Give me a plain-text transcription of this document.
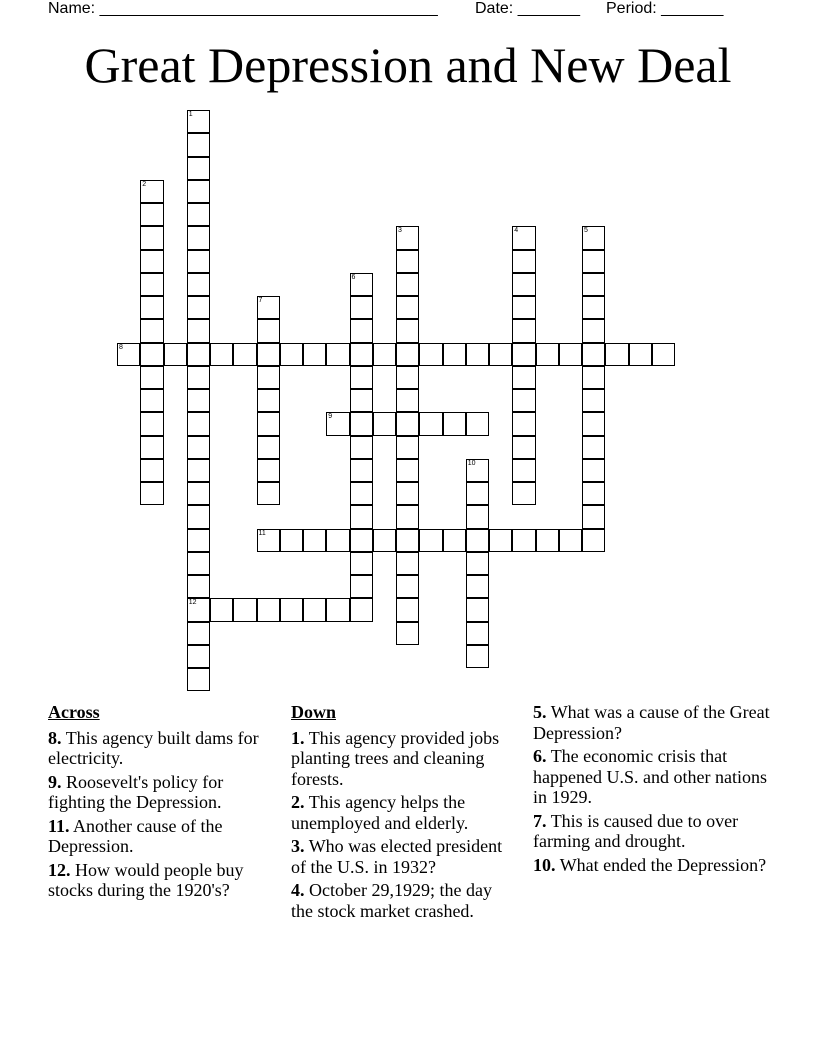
Name: ______________________________________ Date: _______ Period: _______
Great Depression and New Deal
1
12
2
3	4	5
6
7
8
9
10
11
Across
8. This agency built dams for electricity.
9. Roosevelt's policy for fighting the Depression.
11. Another cause of the Depression.
12. How would people buy stocks during the 1920's?
Down
1. This agency provided jobs planting trees and cleaning forests.
2. This agency helps the unemployed and elderly.
3. Who was elected president of the U.S. in 1932?
4. October 29,1929; the day the stock market crashed.
5. What was a cause of the Great Depression?
6. The economic crisis that happened U.S. and other nations in 1929.
7. This is caused due to over farming and drought.
10. What ended the Depression?
